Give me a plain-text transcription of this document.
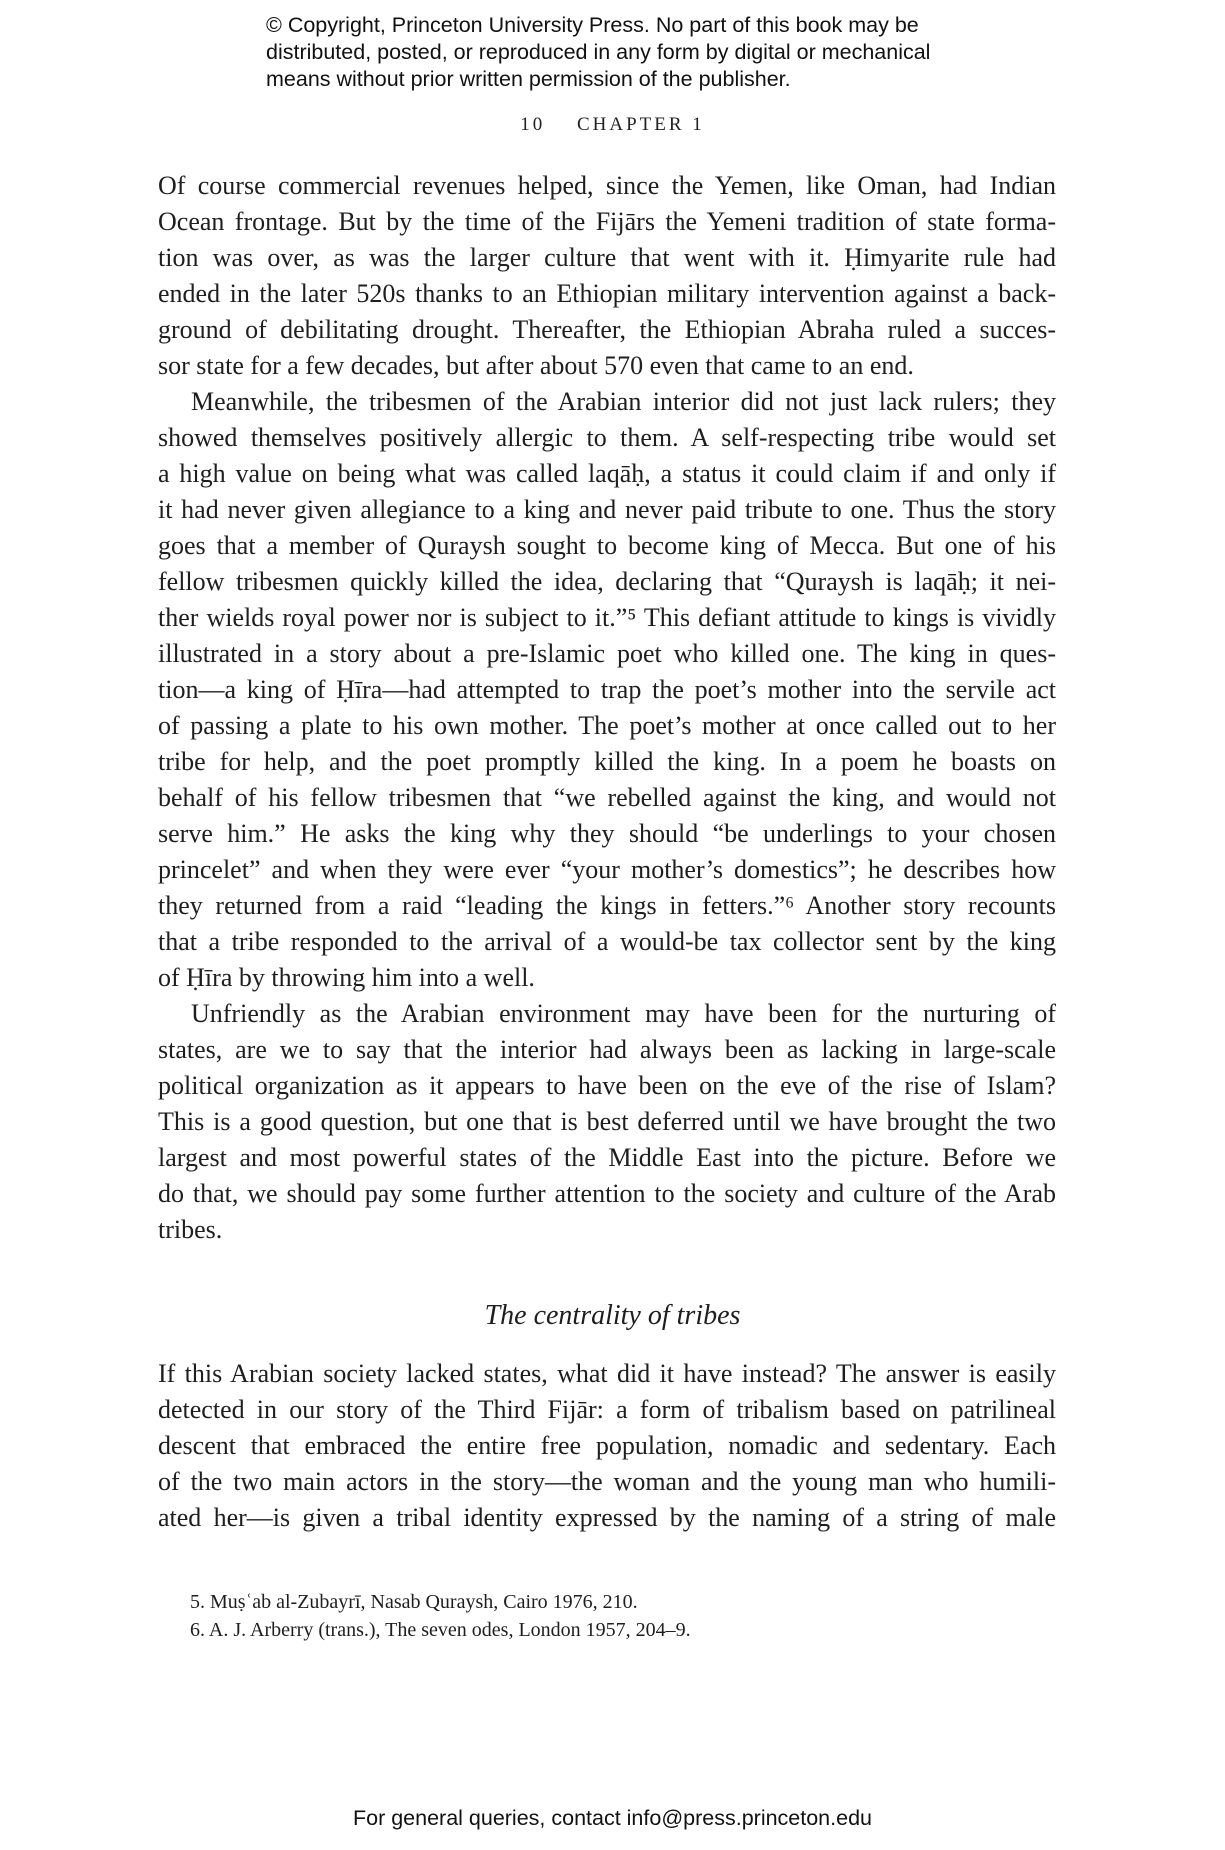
© Copyright, Princeton University Press. No part of this book may be
distributed, posted, or reproduced in any form by digital or mechanical
means without prior written permission of the publisher.
10 CHAPTER 1
Of course commercial revenues helped, since the Yemen, like Oman, had Indian
Ocean frontage. But by the time of the Fijārs the Yemeni tradition of state forma-
tion was over, as was the larger culture that went with it. Ḥimyarite rule had
ended in the later 520s thanks to an Ethiopian military intervention against a back-
ground of debilitating drought. Thereafter, the Ethiopian Abraha ruled a succes-
sor state for a few decades, but after about 570 even that came to an end.
Meanwhile, the tribesmen of the Arabian interior did not just lack rulers; they
showed themselves positively allergic to them. A self-respecting tribe would set
a high value on being what was called laqāḥ, a status it could claim if and only if
it had never given allegiance to a king and never paid tribute to one. Thus the story
goes that a member of Quraysh sought to become king of Mecca. But one of his
fellow tribesmen quickly killed the idea, declaring that “Quraysh is laqāḥ; it nei-
ther wields royal power nor is subject to it.”⁵ This defiant attitude to kings is vividly
illustrated in a story about a pre-Islamic poet who killed one. The king in ques-
tion—a king of Ḥīra—had attempted to trap the poet’s mother into the servile act
of passing a plate to his own mother. The poet’s mother at once called out to her
tribe for help, and the poet promptly killed the king. In a poem he boasts on
behalf of his fellow tribesmen that “we rebelled against the king, and would not
serve him.” He asks the king why they should “be underlings to your chosen
princelet” and when they were ever “your mother’s domestics”; he describes how
they returned from a raid “leading the kings in fetters.”⁶ Another story recounts
that a tribe responded to the arrival of a would-be tax collector sent by the king
of Ḥīra by throwing him into a well.
Unfriendly as the Arabian environment may have been for the nurturing of
states, are we to say that the interior had always been as lacking in large-scale
political organization as it appears to have been on the eve of the rise of Islam?
This is a good question, but one that is best deferred until we have brought the two
largest and most powerful states of the Middle East into the picture. Before we
do that, we should pay some further attention to the society and culture of the Arab
tribes.
The centrality of tribes
If this Arabian society lacked states, what did it have instead? The answer is easily
detected in our story of the Third Fijār: a form of tribalism based on patrilineal
descent that embraced the entire free population, nomadic and sedentary. Each
of the two main actors in the story—the woman and the young man who humili-
ated her—is given a tribal identity expressed by the naming of a string of male
5. Muṣʿab al-Zubayrī, Nasab Quraysh, Cairo 1976, 210.
6. A. J. Arberry (trans.), The seven odes, London 1957, 204–9.
For general queries, contact info@press.princeton.edu
